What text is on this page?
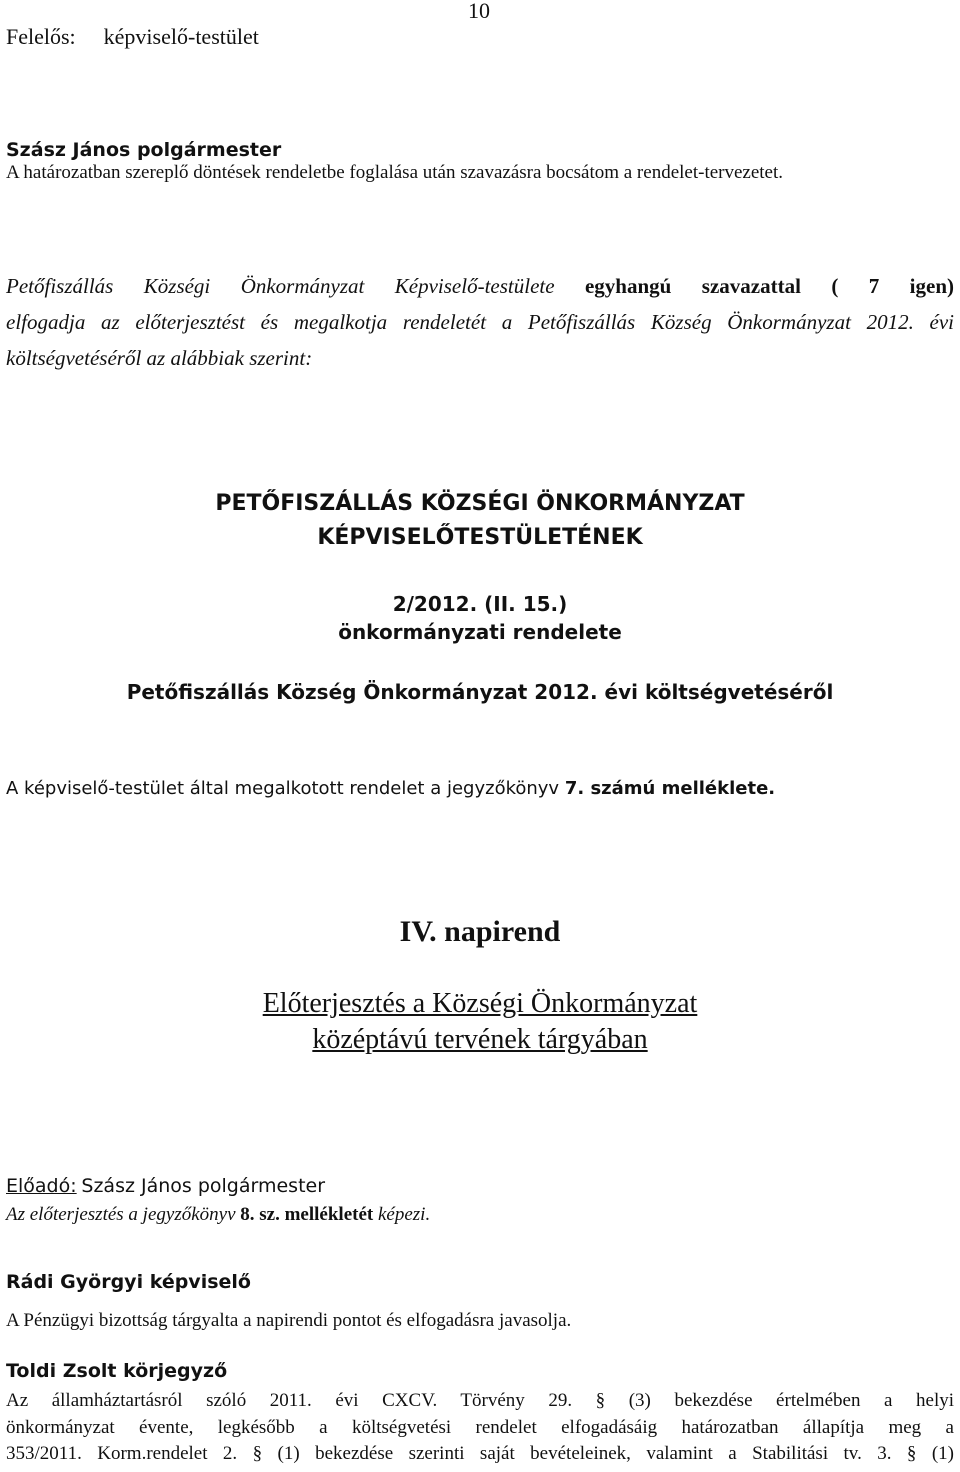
10
Felelős: képviselő-testület
Szász János polgármester
A határozatban szereplő döntések rendeletbe foglalása után szavazásra bocsátom a rendelet-tervezetet.
Petőfiszállás Községi Önkormányzat Képviselő-testülete egyhangú szavazattal ( 7 igen)
elfogadja az előterjesztést és megalkotja rendeletét a Petőfiszállás Község Önkormányzat 2012. évi
költségvetéséről az alábbiak szerint:
PETŐFISZÁLLÁS KÖZSÉGI ÖNKORMÁNYZAT
KÉPVISELŐTESTÜLETÉNEK
2/2012. (II. 15.)
önkormányzati rendelete
Petőfiszállás Község Önkormányzat 2012. évi költségvetéséről
A képviselő-testület által megalkotott rendelet a jegyzőkönyv 7. számú melléklete.
IV. napirend
Előterjesztés a Községi Önkormányzat
középtávú tervének tárgyában
Előadó: Szász János polgármester
Az előterjesztés a jegyzőkönyv 8. sz. mellékletét képezi.
Rádi Györgyi képviselő
A Pénzügyi bizottság tárgyalta a napirendi pontot és elfogadásra javasolja.
Toldi Zsolt körjegyző
Az államháztartásról szóló 2011. évi CXCV. Törvény 29. § (3) bekezdése értelmében a helyi
önkormányzat évente, legkésőbb a költségvetési rendelet elfogadásáig határozatban állapítja meg a
353/2011. Korm.rendelet 2. § (1) bekezdése szerinti saját bevételeinek, valamint a Stabilitási tv. 3. § (1)
